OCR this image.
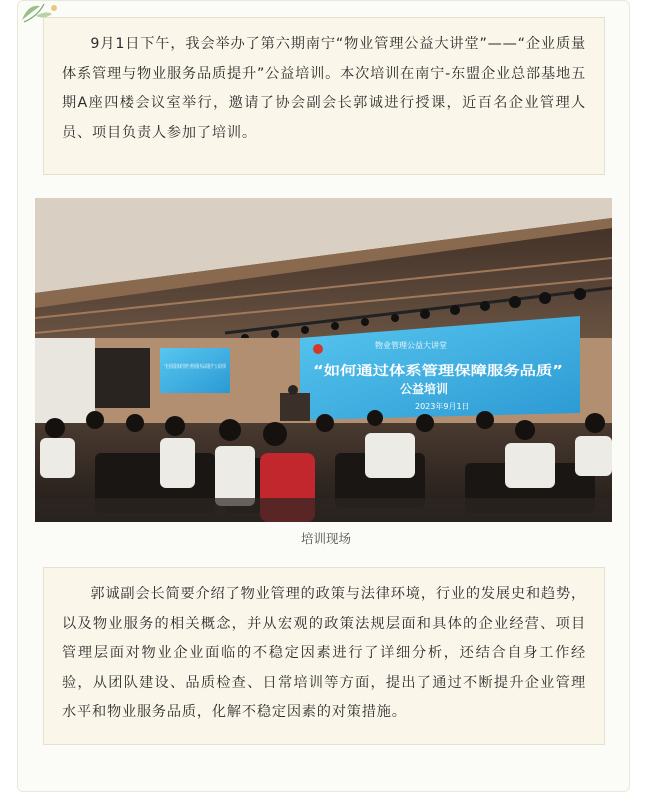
9月1日下午，我会举办了第六期南宁“物业管理公益大讲堂”——“企业质量体系管理与物业服务品质提升”公益培训。本次培训在南宁-东盟企业总部基地五期A座四楼会议室举行，邀请了协会副会长郭诚进行授课，近百名企业管理人员、项目负责人参加了培训。

“企业质量体系管理与物业服务品质提升”公益培训
物业管理公益大讲堂
“如何通过体系管理保障服务品质”
公益培训
2023年9月1日
培训现场

郭诚副会长简要介绍了物业管理的政策与法律环境，行业的发展史和趋势，以及物业服务的相关概念，并从宏观的政策法规层面和具体的企业经营、项目管理层面对物业企业面临的不稳定因素进行了详细分析，还结合自身工作经验，从团队建设、品质检查、日常培训等方面，提出了通过不断提升企业管理水平和物业服务品质，化解不稳定因素的对策措施。
